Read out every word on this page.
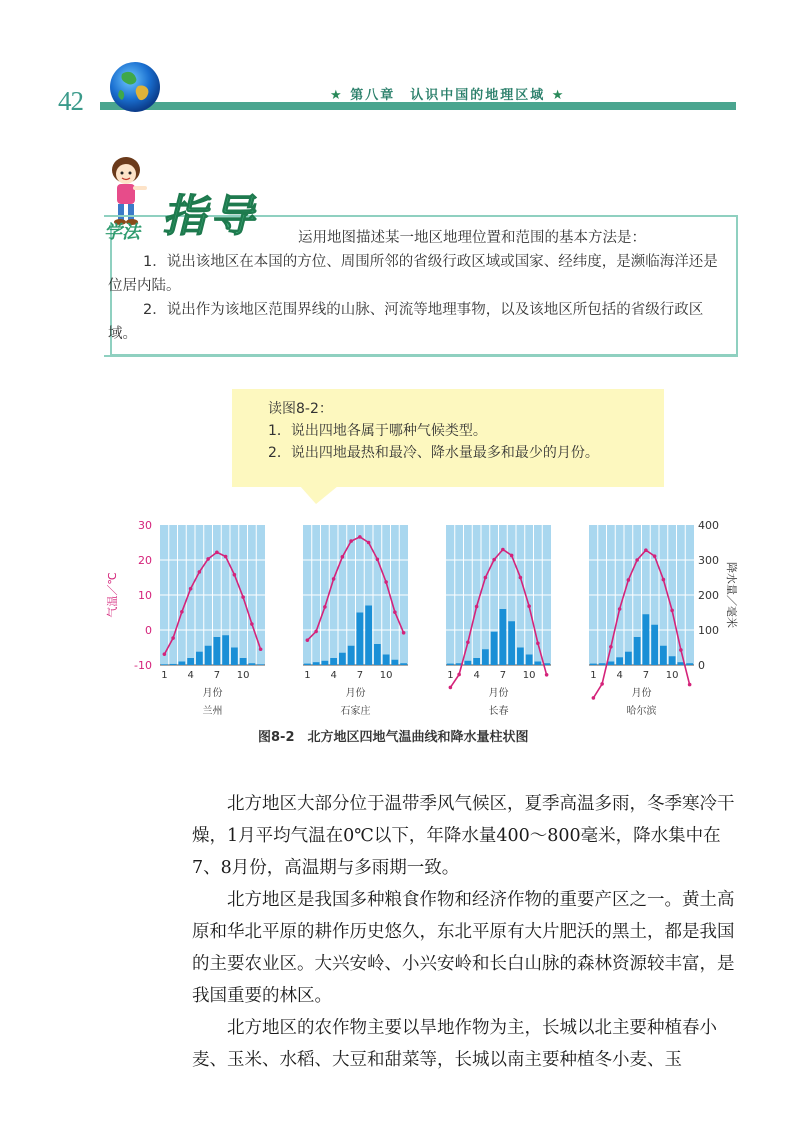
42	★ 第八章　认识中国的地理区域 ★
学法 指导	运用地图描述某一地区地理位置和范围的基本方法是：

1．说出该地区在本国的方位、周围所邻的省级行政区域或国家、经纬度，是濒临海洋还是位居内陆。

2．说出作为该地区范围界线的山脉、河流等地理事物，以及该地区所包括的省级行政区域。

读图8-2：

1．说出四地各属于哪种气候类型。

2．说出四地最热和最冷、降水量最多和最少的月份。

1 4 7 10
月份
兰州
1 4 7 10
月份
石家庄
1 4 7 10
月份
长春
1 4 7 10
月份
哈尔滨
30
20
10
0
-10
气温／℃
400
300
200
100
0
降水量／毫米
图8-2　北方地区四地气温曲线和降水量柱状图

北方地区大部分位于温带季风气候区，夏季高温多雨，冬季寒冷干燥，1月平均气温在0℃以下，年降水量400～800毫米，降水集中在7、8月份，高温期与多雨期一致。

北方地区是我国多种粮食作物和经济作物的重要产区之一。黄土高原和华北平原的耕作历史悠久，东北平原有大片肥沃的黑土，都是我国的主要农业区。大兴安岭、小兴安岭和长白山脉的森林资源较丰富，是我国重要的林区。

北方地区的农作物主要以旱地作物为主，长城以北主要种植春小麦、玉米、水稻、大豆和甜菜等，长城以南主要种植冬小麦、玉
